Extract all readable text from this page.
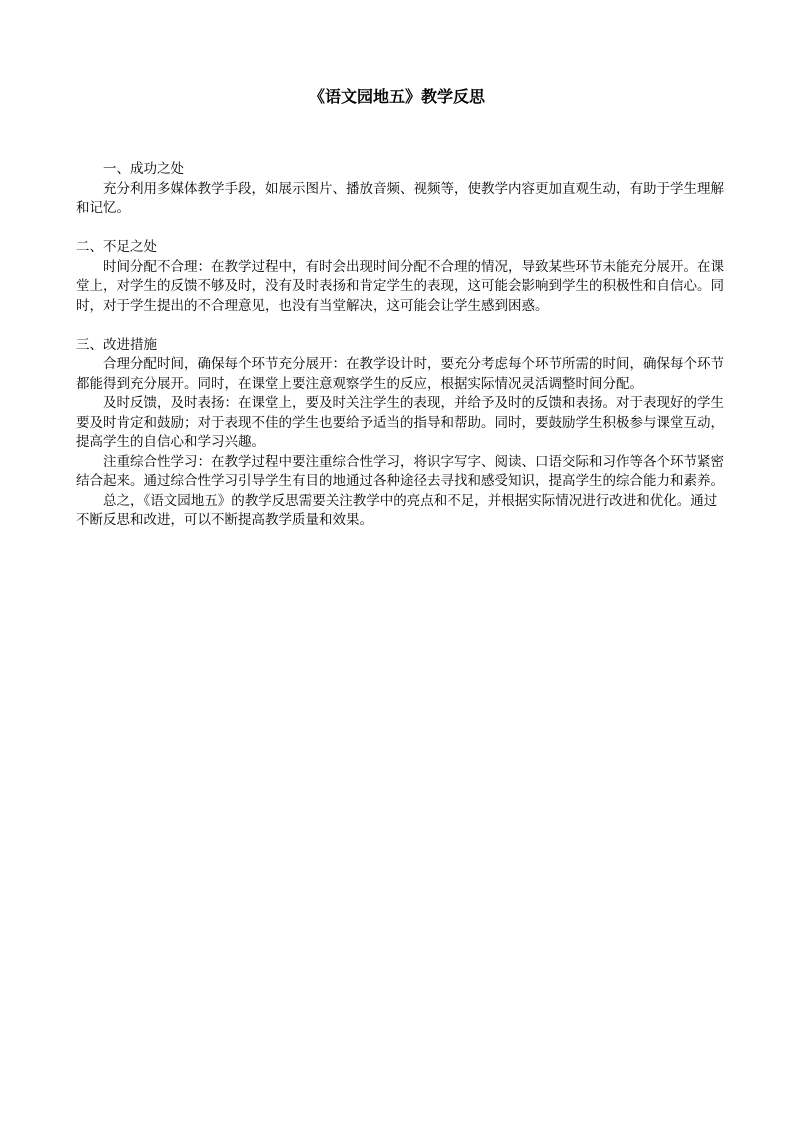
《语文园地五》教学反思

一、成功之处

充分利用多媒体教学手段，如展示图片、播放音频、视频等，使教学内容更加直观生动，有助于学生理解和记忆。

二、不足之处

时间分配不合理：在教学过程中，有时会出现时间分配不合理的情况，导致某些环节未能充分展开。在课堂上，对学生的反馈不够及时，没有及时表扬和肯定学生的表现，这可能会影响到学生的积极性和自信心。同时，对于学生提出的不合理意见，也没有当堂解决，这可能会让学生感到困惑。

三、改进措施

合理分配时间，确保每个环节充分展开：在教学设计时，要充分考虑每个环节所需的时间，确保每个环节都能得到充分展开。同时，在课堂上要注意观察学生的反应，根据实际情况灵活调整时间分配。

及时反馈，及时表扬：在课堂上，要及时关注学生的表现，并给予及时的反馈和表扬。对于表现好的学生要及时肯定和鼓励；对于表现不佳的学生也要给予适当的指导和帮助。同时，要鼓励学生积极参与课堂互动，提高学生的自信心和学习兴趣。

注重综合性学习：在教学过程中要注重综合性学习，将识字写字、阅读、口语交际和习作等各个环节紧密结合起来。通过综合性学习引导学生有目的地通过各种途径去寻找和感受知识，提高学生的综合能力和素养。

总之，《语文园地五》的教学反思需要关注教学中的亮点和不足，并根据实际情况进行改进和优化。通过不断反思和改进，可以不断提高教学质量和效果。
